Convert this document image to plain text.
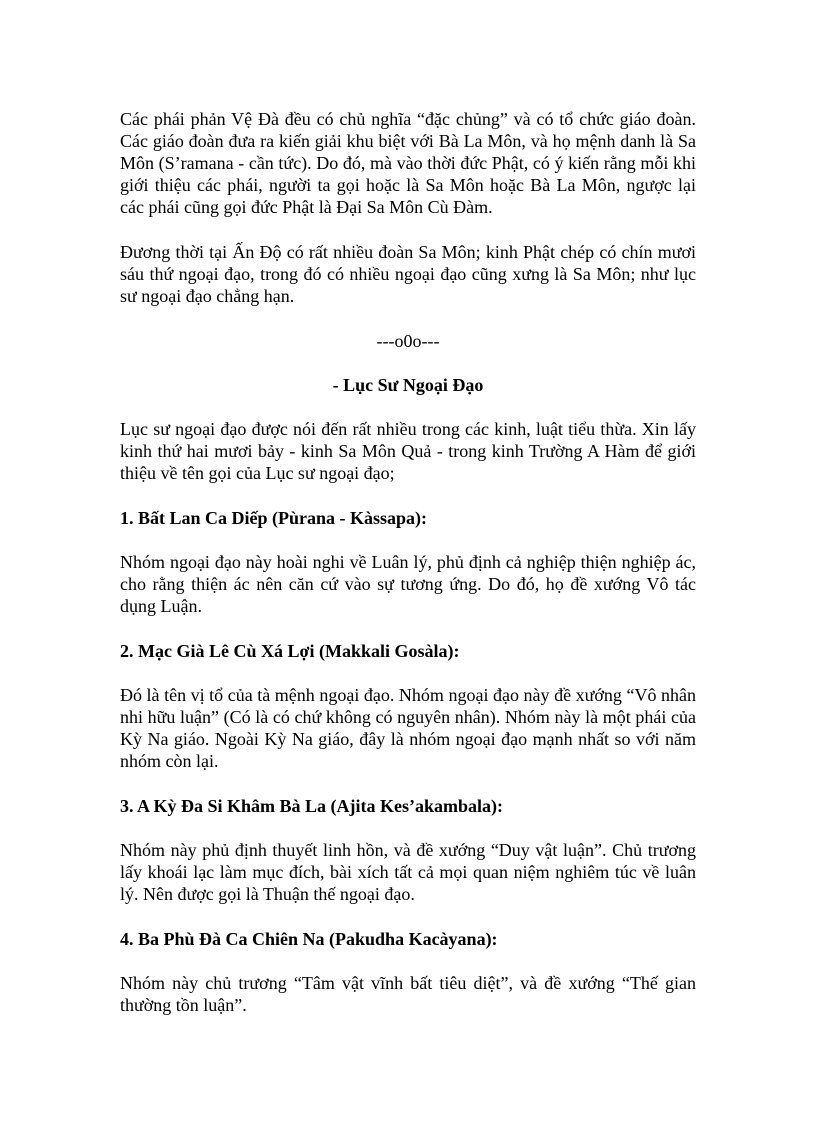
Các phái phản Vệ Đà đều có chủ nghĩa “đặc chủng” và có tổ chức giáo đoàn. Các giáo đoàn đưa ra kiến giải khu biệt với Bà La Môn, và họ mệnh danh là Sa Môn (S’ramana - cần tức). Do đó, mà vào thời đức Phật, có ý kiến rằng mỗi khi giới thiệu các phái, người ta gọi hoặc là Sa Môn hoặc Bà La Môn, ngược lại các phái cũng gọi đức Phật là Đại Sa Môn Cù Đàm.

Đương thời tại Ấn Độ có rất nhiều đoàn Sa Môn; kinh Phật chép có chín mươi sáu thứ ngoại đạo, trong đó có nhiều ngoại đạo cũng xưng là Sa Môn; như lục sư ngoại đạo chẳng hạn.

---o0o---
- Lục Sư Ngoại Đạo

Lục sư ngoại đạo được nói đến rất nhiều trong các kinh, luật tiểu thừa. Xin lấy kinh thứ hai mươi bảy - kinh Sa Môn Quả - trong kinh Trường A Hàm để giới thiệu về tên gọi của Lục sư ngoại đạo;

1. Bất Lan Ca Diếp (Pùrana - Kàssapa):

Nhóm ngoại đạo này hoài nghi về Luân lý, phủ định cả nghiệp thiện nghiệp ác, cho rằng thiện ác nên căn cứ vào sự tương ứng. Do đó, họ đề xướng Vô tác dụng Luận.

2. Mạc Già Lê Cù Xá Lợi (Makkali Gosàla):

Đó là tên vị tổ của tà mệnh ngoại đạo. Nhóm ngoại đạo này đề xướng “Vô nhân nhi hữu luận” (Có là có chứ không có nguyên nhân). Nhóm này là một phái của Kỳ Na giáo. Ngoài Kỳ Na giáo, đây là nhóm ngoại đạo mạnh nhất so với năm nhóm còn lại.

3. A Kỳ Đa Si Khâm Bà La (Ajita Kes’akambala):

Nhóm này phủ định thuyết linh hồn, và đề xướng “Duy vật luận”. Chủ trương lấy khoái lạc làm mục đích, bài xích tất cả mọi quan niệm nghiêm túc về luân lý. Nên được gọi là Thuận thế ngoại đạo.

4. Ba Phù Đà Ca Chiên Na (Pakudha Kacàyana):

Nhóm này chủ trương “Tâm vật vĩnh bất tiêu diệt”, và đề xướng “Thế gian thường tồn luận”.
